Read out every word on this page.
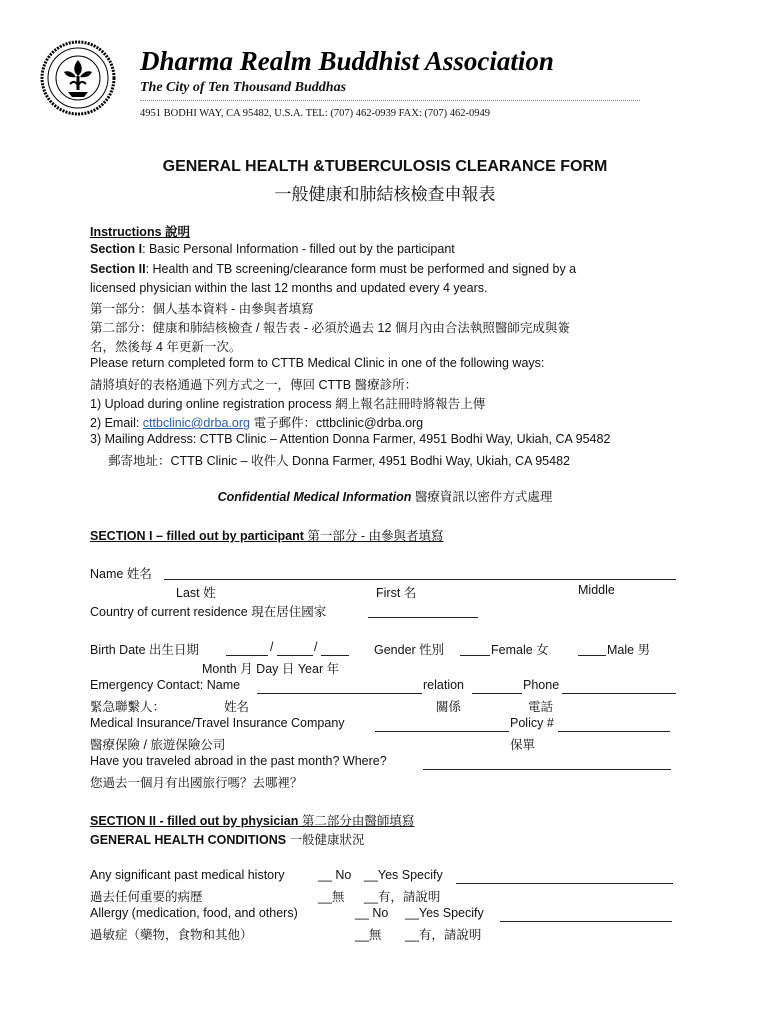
Dharma Realm Buddhist Association
The City of Ten Thousand Buddhas
4951 BODHI WAY, CA 95482, U.S.A. TEL: (707) 462-0939 FAX: (707) 462-0949
GENERAL HEALTH &TUBERCULOSIS CLEARANCE FORM
一般健康和肺結核檢查申報表
Instructions 說明
Section I: Basic Personal Information - filled out by the participant
Section II: Health and TB screening/clearance form must be performed and signed by a
licensed physician within the last 12 months and updated every 4 years.
第一部分：個人基本資料 - 由參與者填寫
第二部分：健康和肺結核檢查 / 報告表 - 必須於過去 12 個月內由合法執照醫師完成與簽
名，然後每 4 年更新一次。
Please return completed form to CTTB Medical Clinic in one of the following ways:
請將填好的表格通過下列方式之一，傳回 CTTB 醫療診所：
1) Upload during online registration process 網上報名註冊時將報告上傳
2) Email: cttbclinic@drba.org 電子郵件：cttbclinic@drba.org
3) Mailing Address: CTTB Clinic – Attention Donna Farmer, 4951 Bodhi Way, Ukiah, CA 95482
郵寄地址：CTTB Clinic – 收件人 Donna Farmer, 4951 Bodhi Way, Ukiah, CA 95482
Confidential Medical Information 醫療資訊以密件方式處理
SECTION I – filled out by participant 第一部分 - 由參與者填寫
Name 姓名
Last 姓	First 名	Middle
Country of current residence 現在居住國家
Birth Date 出生日期	/	/	Gender 性別	Female 女	Male 男
Month 月 Day 日 Year 年
Emergency Contact: Name	relation	Phone
緊急聯繫人：	姓名	關係	電話
Medical Insurance/Travel Insurance Company	Policy #
醫療保險 / 旅遊保險公司	保單
Have you traveled abroad in the past month? Where?
您過去一個月有出國旅行嗎？去哪裡？
SECTION II - filled out by physician 第二部分由醫師填寫
GENERAL HEALTH CONDITIONS 一般健康狀況
Any significant past medical history	__ No __Yes Specify
過去任何重要的病歷	__無 __有，請說明
Allergy (medication, food, and others)	__ No __Yes Specify
過敏症（藥物，食物和其他）	__無 __有，請說明
